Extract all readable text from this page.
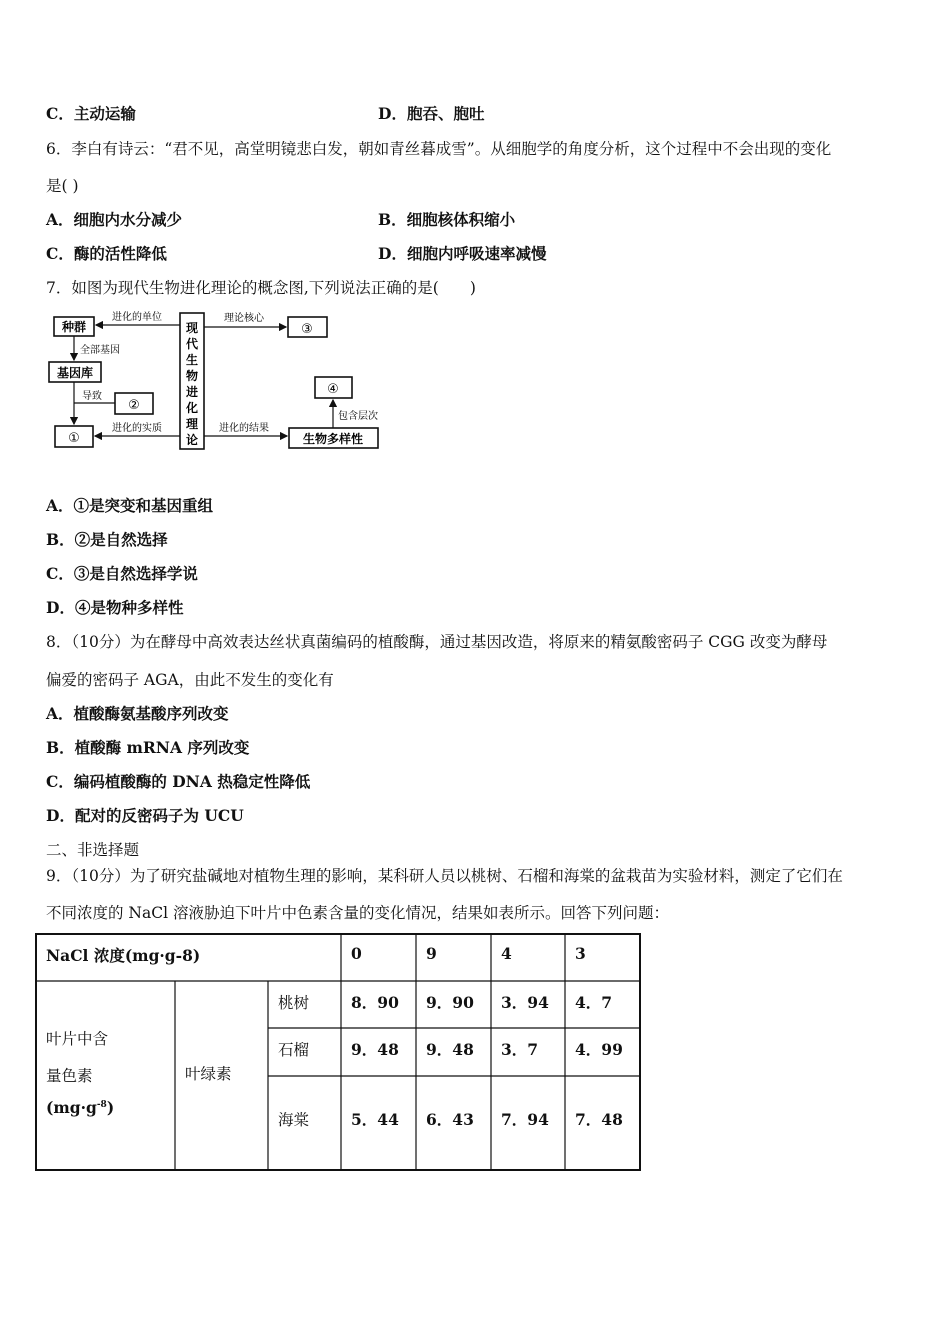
C．主动运输	D．胞吞、胞吐
6．李白有诗云：“君不见，高堂明镜悲白发，朝如青丝暮成雪”。从细胞学的角度分析，这个过程中不会出现的变化
是( )
A．细胞内水分减少	B．细胞核体积缩小
C．酶的活性降低	D．细胞内呼吸速率减慢
7．如图为现代生物进化理论的概念图,下列说法正确的是(　　)
种群
基因库
①
②
现
代
生
物
进
化
理
论
③
④
生物多样性
进化的单位
全部基因
导致
进化的实质
理论核心
进化的结果
包含层次
A．①是突变和基因重组
B．②是自然选择
C．③是自然选择学说
D．④是物种多样性
8．（10分）为在酵母中高效表达丝状真菌编码的植酸酶，通过基因改造，将原来的精氨酸密码子 CGG 改变为酵母
偏爱的密码子 AGA，由此不发生的变化有
A．植酸酶氨基酸序列改变
B．植酸酶 mRNA 序列改变
C．编码植酸酶的 DNA 热稳定性降低
D．配对的反密码子为 UCU
二、非选择题
9．（10分）为了研究盐碱地对植物生理的影响，某科研人员以桃树、石榴和海棠的盆栽苗为实验材料，测定了它们在
不同浓度的 NaCl 溶液胁迫下叶片中色素含量的变化情况，结果如表所示。回答下列问题：
NaCl 浓度(mg·g-8)	0	9	4	3
叶片中含
量色素
$(mg\cdot g^{-8})$
叶绿素
桃树	8．90 9．90 3．94 4．7
石榴	9．48 9．48 3．7 4．99
海棠	5．44 6．43 7．94 7．48
